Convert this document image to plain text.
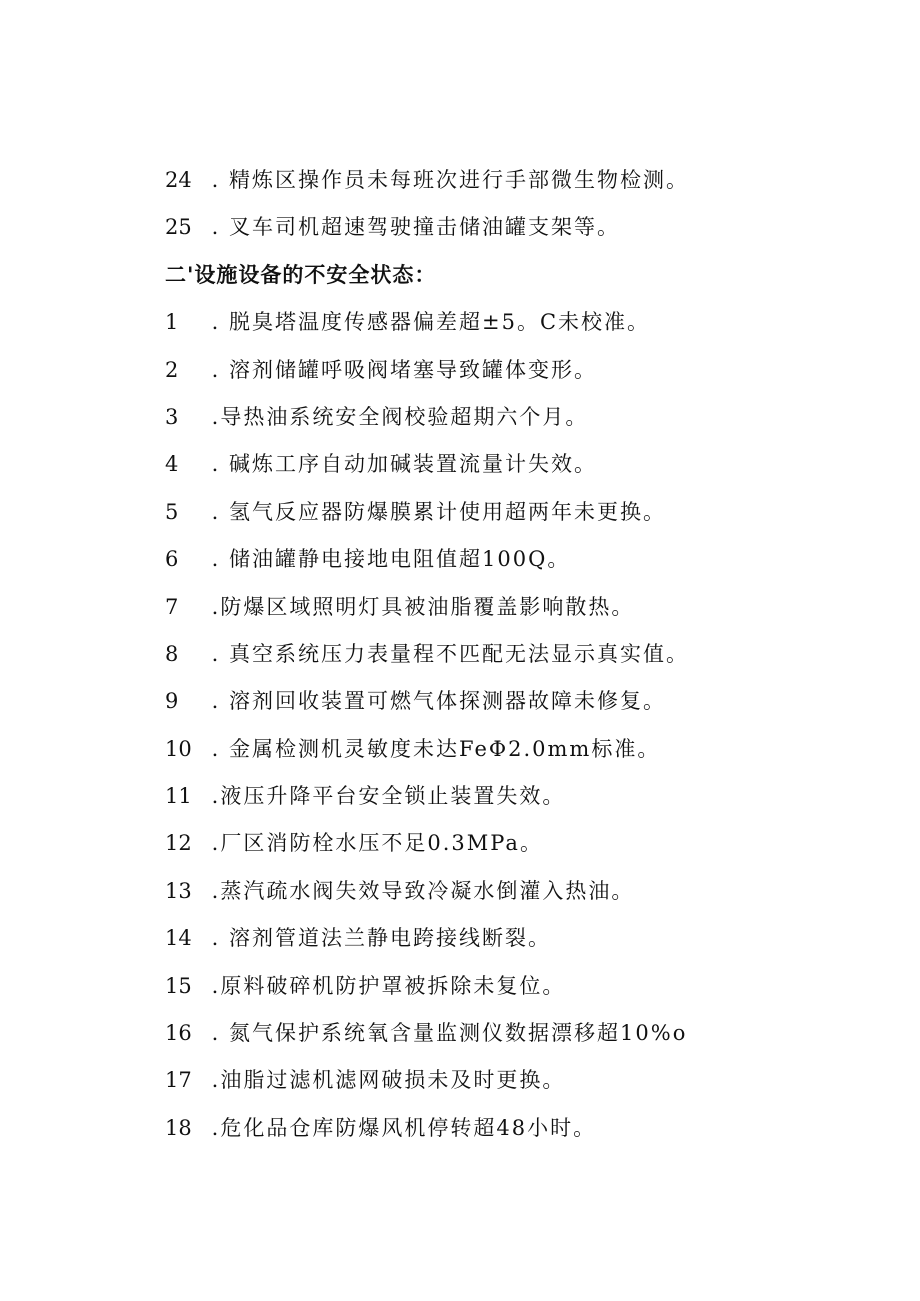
24 . 精炼区操作员未每班次进行手部微生物检测。
25 . 叉车司机超速驾驶撞击储油罐支架等。
二'设施设备的不安全状态：
1 . 脱臭塔温度传感器偏差超±5。C未校准。
2 . 溶剂储罐呼吸阀堵塞导致罐体变形。
3 .导热油系统安全阀校验超期六个月。
4 . 碱炼工序自动加碱装置流量计失效。
5 . 氢气反应器防爆膜累计使用超两年未更换。
6 . 储油罐静电接地电阻值超100Q。
7 .防爆区域照明灯具被油脂覆盖影响散热。
8 . 真空系统压力表量程不匹配无法显示真实值。
9 . 溶剂回收装置可燃气体探测器故障未修复。
10 . 金属检测机灵敏度未达FeΦ2.0mm标准。
11 .液压升降平台安全锁止装置失效。
12 .厂区消防栓水压不足0.3MPa。
13 .蒸汽疏水阀失效导致冷凝水倒灌入热油。
14 . 溶剂管道法兰静电跨接线断裂。
15 .原料破碎机防护罩被拆除未复位。
16 . 氮气保护系统氧含量监测仪数据漂移超10%o
17 .油脂过滤机滤网破损未及时更换。
18 .危化品仓库防爆风机停转超48小时。
